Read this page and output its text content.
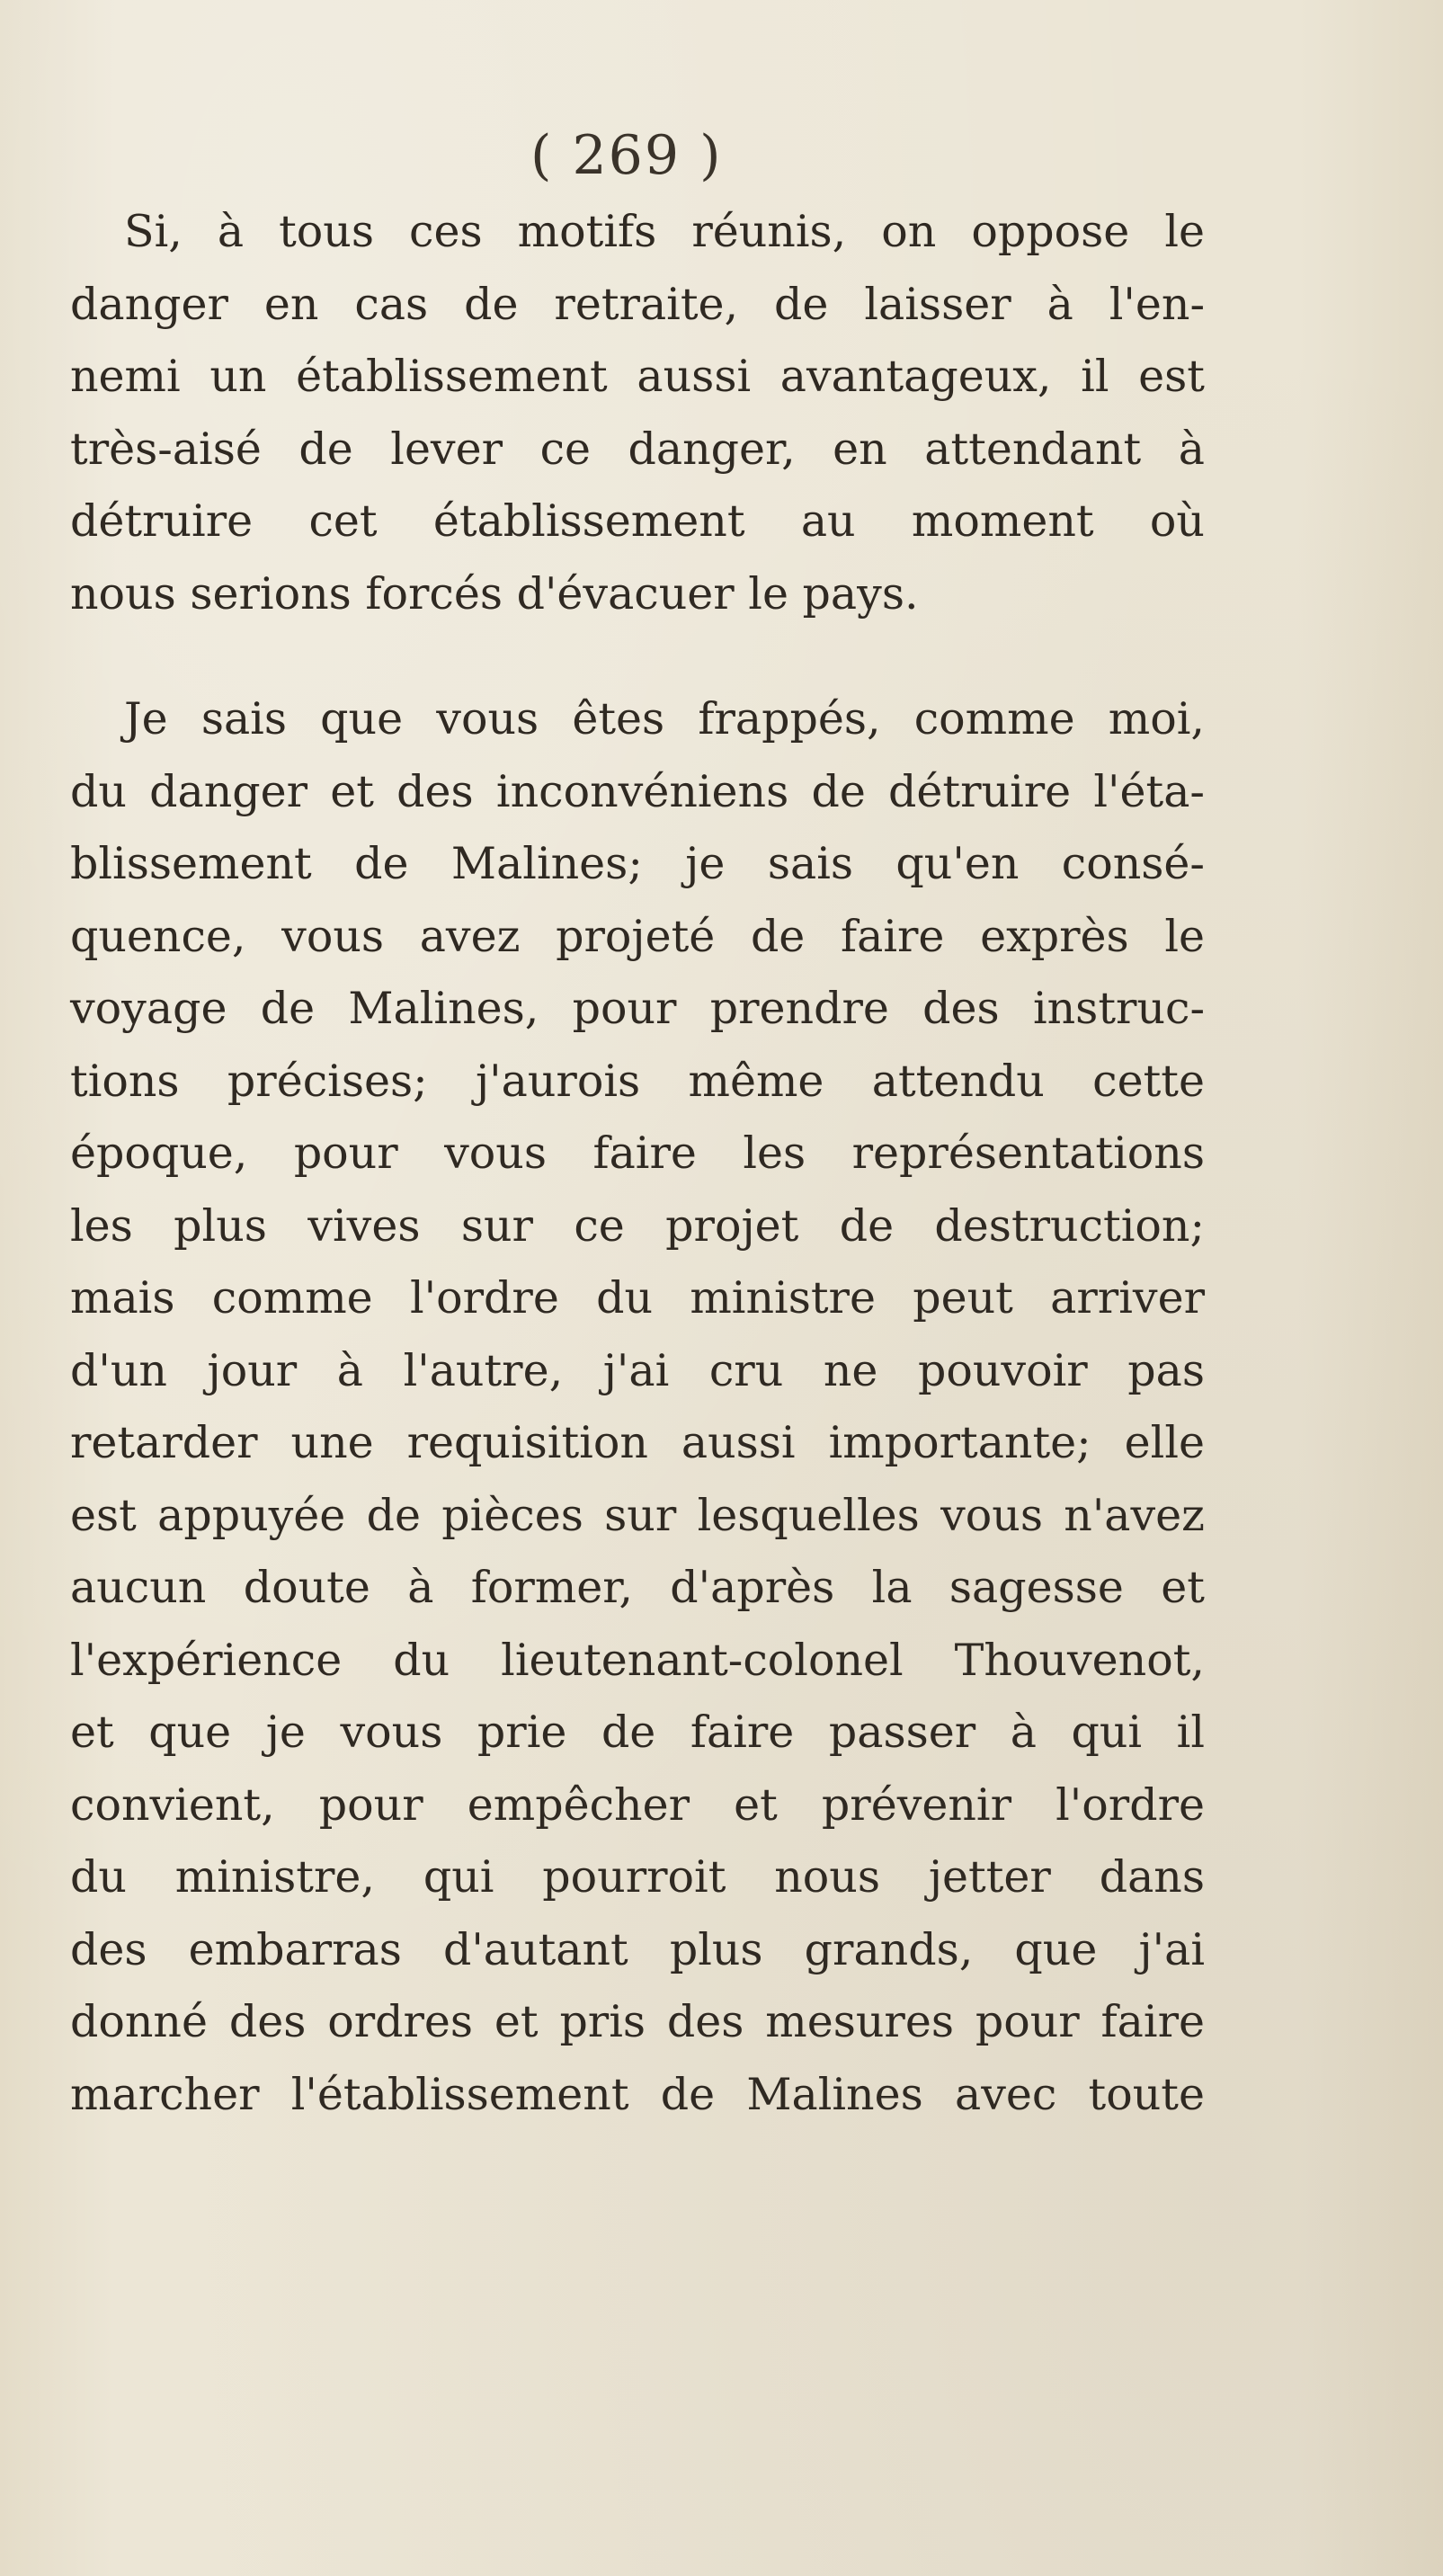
( 269 )

Si, à tous ces motifs réunis, on oppose le
danger en cas de retraite, de laisser à l'en-
nemi un établissement aussi avantageux, il est
très-aisé de lever ce danger, en attendant à
détruire cet établissement au moment où
nous serions forcés d'évacuer le pays.
Je sais que vous êtes frappés, comme moi,
du danger et des inconvéniens de détruire l'éta-
blissement de Malines; je sais qu'en consé-
quence, vous avez projeté de faire exprès le
voyage de Malines, pour prendre des instruc-
tions précises; j'aurois même attendu cette
époque, pour vous faire les représentations
les plus vives sur ce projet de destruction;
mais comme l'ordre du ministre peut arriver
d'un jour à l'autre, j'ai cru ne pouvoir pas
retarder une requisition aussi importante; elle
est appuyée de pièces sur lesquelles vous n'avez
aucun doute à former, d'après la sagesse et
l'expérience du lieutenant-colonel Thouvenot,
et que je vous prie de faire passer à qui il
convient, pour empêcher et prévenir l'ordre
du ministre, qui pourroit nous jetter dans
des embarras d'autant plus grands, que j'ai
donné des ordres et pris des mesures pour faire
marcher l'établissement de Malines avec toute
